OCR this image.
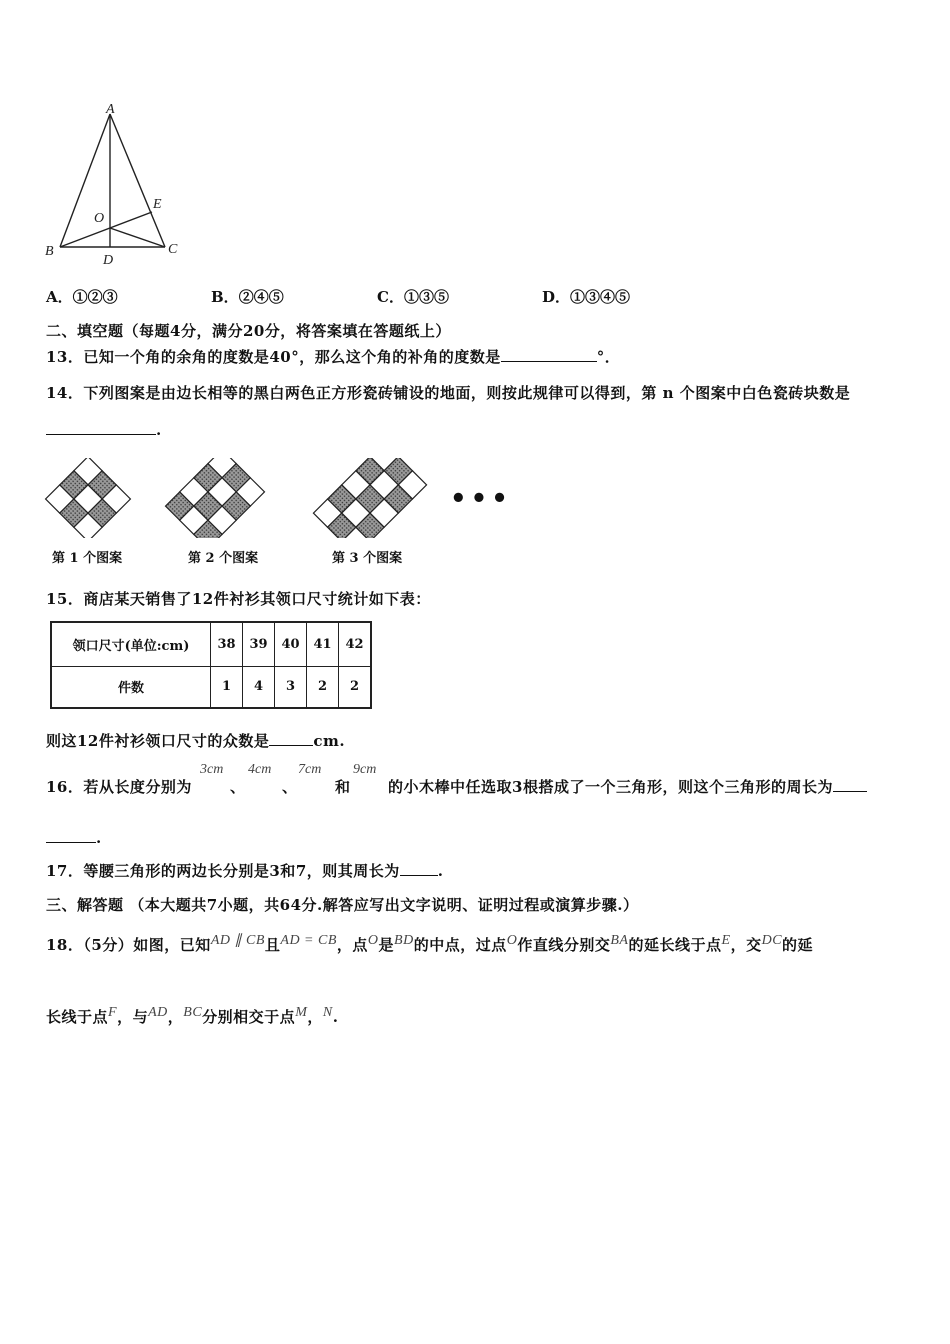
A
B	C
D
E
O
A．①②③	B．②④⑤	C．①③⑤	D．①③④⑤
二、填空题（每题4分，满分20分，将答案填在答题纸上）
13．已知一个角的余角的度数是40°，那么这个角的补角的度数是	°．
14．下列图案是由边长相等的黑白两色正方形瓷砖铺设的地面，则按此规律可以得到，第 n 个图案中白色瓷砖块数是
.
•••
第 1 个图案	第 2 个图案	第 3 个图案
15．商店某天销售了12件衬衫其领口尺寸统计如下表：
领口尺寸(单位:cm)	38	39	40	41	42
件数	1	4	3	2	2
则这12件衬衫领口尺寸的众数是	cm.
16．若从长度分别为
3cm
、
4cm
、
7cm
和
9cm
的小木棒中任选取3根搭成了一个三角形，则这个三角形的周长为
.
17．等腰三角形的两边长分别是3和7，则其周长为	.
三、解答题 （本大题共7小题，共64分.解答应写出文字说明、证明过程或演算步骤.）
18．（5分）如图，已知$^{AD \parallel CB}$且$^{AD = CB}$，点$^O$是$^{BD}$的中点，过点$^O$作直线分别交$^{BA}$的延长线于点$^E$，交$^{DC}$的延
长线于点$^F$，与$^{AD}$，$^{BC}$分别相交于点$^M$，$^N$.
